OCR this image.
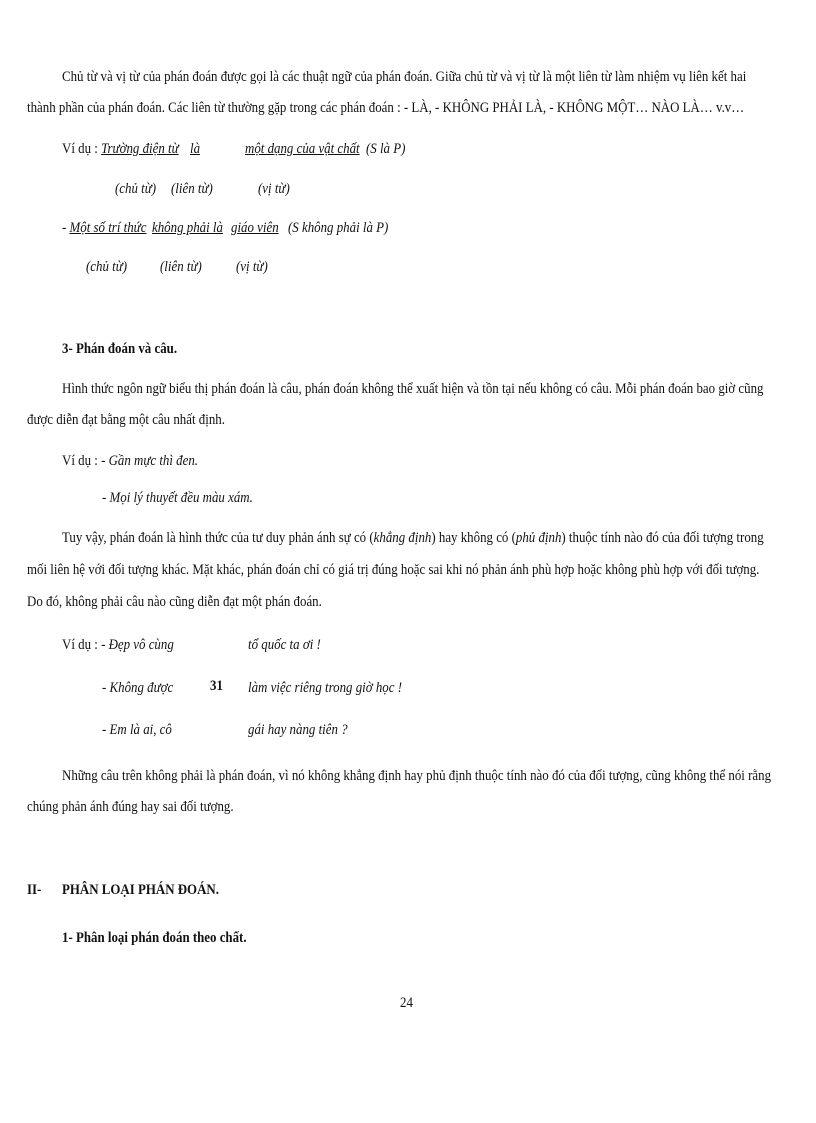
Chủ từ và vị từ của phán đoán được gọi là các thuật ngữ của phán đoán. Giữa chủ từ và vị từ là một liên từ làm nhiệm vụ liên kết hai
thành phần của phán đoán. Các liên từ thường gặp trong các phán đoán : - LÀ, - KHÔNG PHẢI LÀ, - KHÔNG MỘT… NÀO LÀ… v.v…
Ví dụ : Trường điện từ là	một dạng của vật chất (S là P)
(chủ từ) (liên từ)	(vị từ)
- Một số trí thức không phải là giáo viên (S không phải là P)
(chủ từ) (liên từ) (vị từ)
3- Phán đoán và câu.
Hình thức ngôn ngữ biểu thị phán đoán là câu, phán đoán không thể xuất hiện và tồn tại nếu không có câu. Mỗi phán đoán bao giờ cũng
được diễn đạt bằng một câu nhất định.
Ví dụ : - Gần mực thì đen.
- Mọi lý thuyết đều màu xám.
Tuy vậy, phán đoán là hình thức của tư duy phản ánh sự có (khẳng định) hay không có (phủ định) thuộc tính nào đó của đối tượng trong
mối liên hệ với đối tượng khác. Mặt khác, phán đoán chỉ có giá trị đúng hoặc sai khi nó phản ánh phù hợp hoặc không phù hợp với đối tượng.
Do đó, không phải câu nào cũng diễn đạt một phán đoán.
Ví dụ : - Đẹp vô cùng	tổ quốc ta ơi !
- Không được 31 làm việc riêng trong giờ học !
- Em là ai, cô	gái hay nàng tiên ?
Những câu trên không phải là phán đoán, vì nó không khẳng định hay phủ định thuộc tính nào đó của đối tượng, cũng không thể nói rằng
chúng phản ánh đúng hay sai đối tượng.
II- PHÂN LOẠI PHÁN ĐOÁN.
1- Phân loại phán đoán theo chất.
24
